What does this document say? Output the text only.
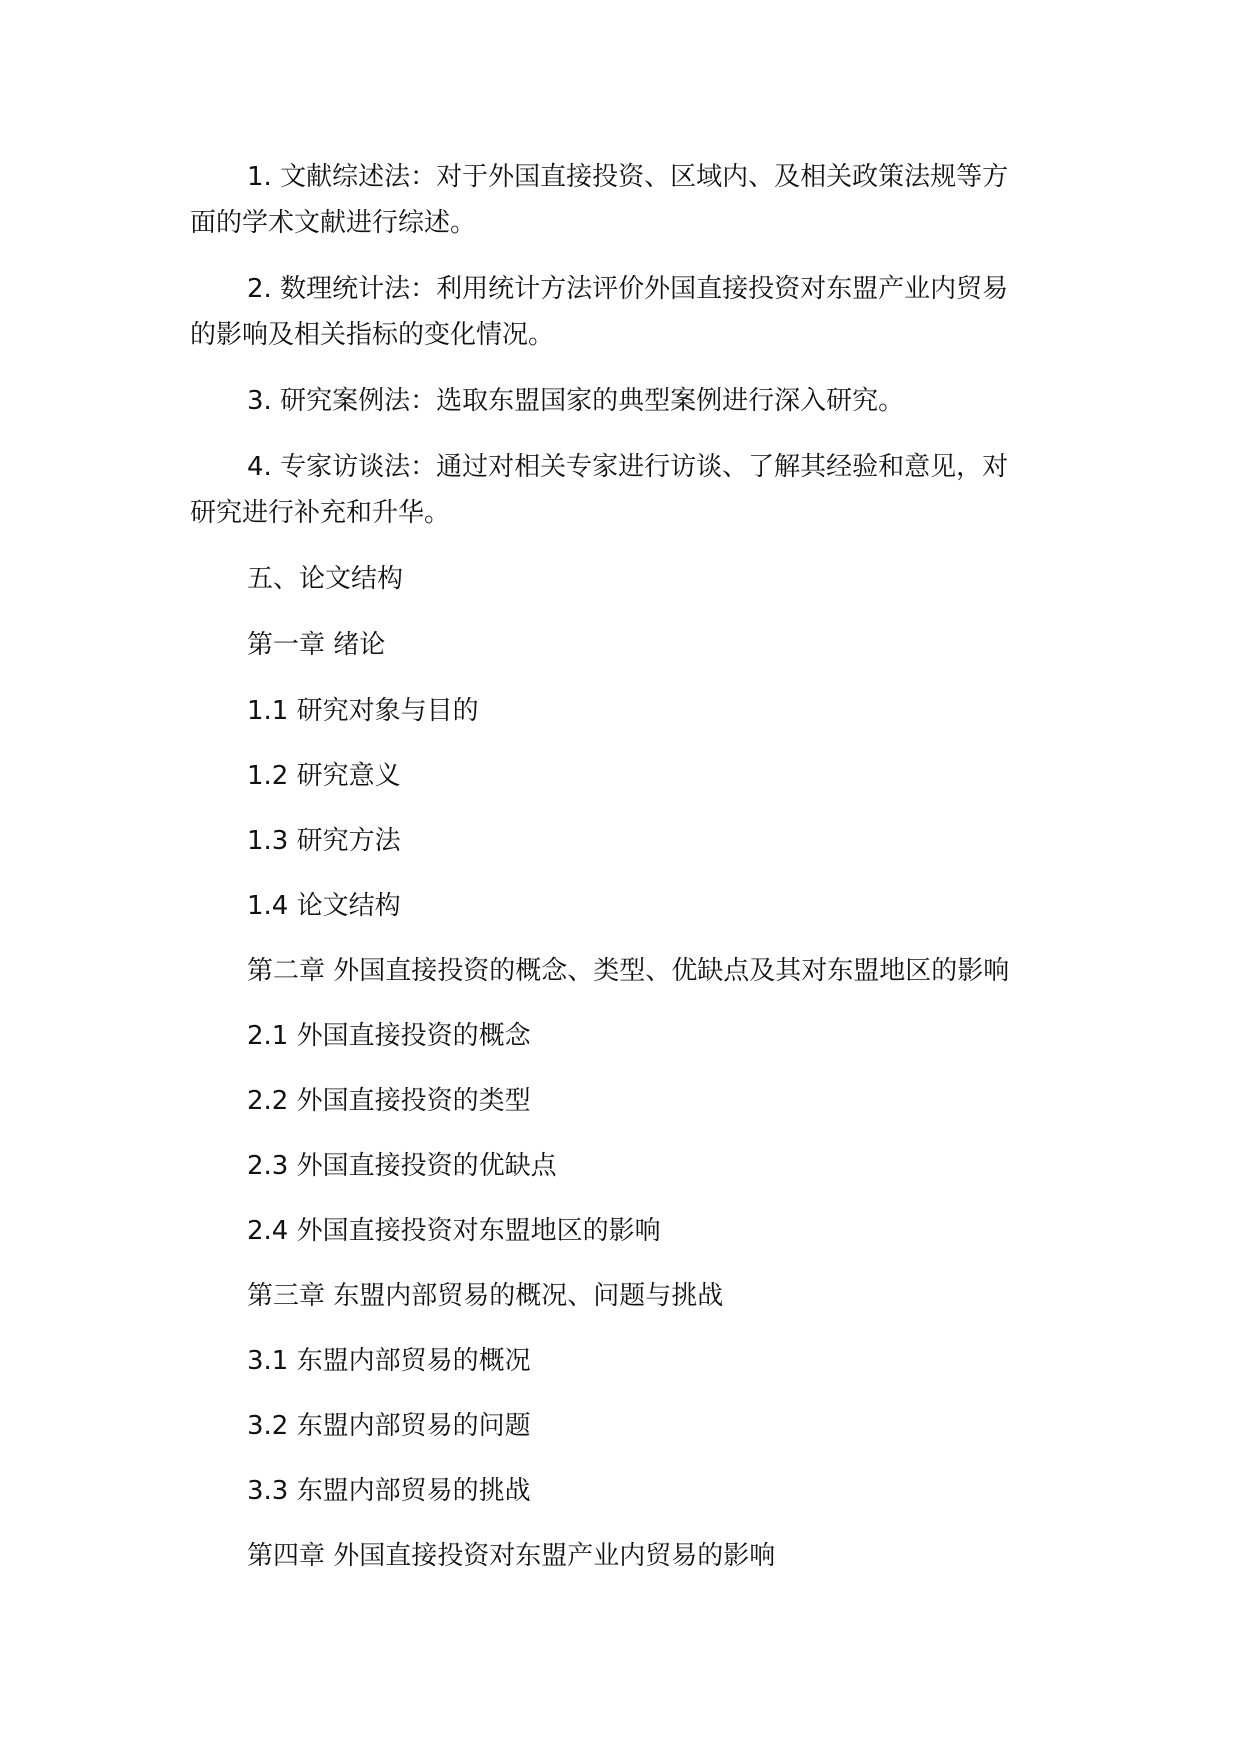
1. 文献综述法：对于外国直接投资、区域内、及相关政策法规等方
面的学术文献进行综述。
2. 数理统计法：利用统计方法评价外国直接投资对东盟产业内贸易
的影响及相关指标的变化情况。
3. 研究案例法：选取东盟国家的典型案例进行深入研究。
4. 专家访谈法：通过对相关专家进行访谈、了解其经验和意见，对
研究进行补充和升华。
五、论文结构
第一章 绪论
1.1 研究对象与目的
1.2 研究意义
1.3 研究方法
1.4 论文结构
第二章 外国直接投资的概念、类型、优缺点及其对东盟地区的影响
2.1 外国直接投资的概念
2.2 外国直接投资的类型
2.3 外国直接投资的优缺点
2.4 外国直接投资对东盟地区的影响
第三章 东盟内部贸易的概况、问题与挑战
3.1 东盟内部贸易的概况
3.2 东盟内部贸易的问题
3.3 东盟内部贸易的挑战
第四章 外国直接投资对东盟产业内贸易的影响
